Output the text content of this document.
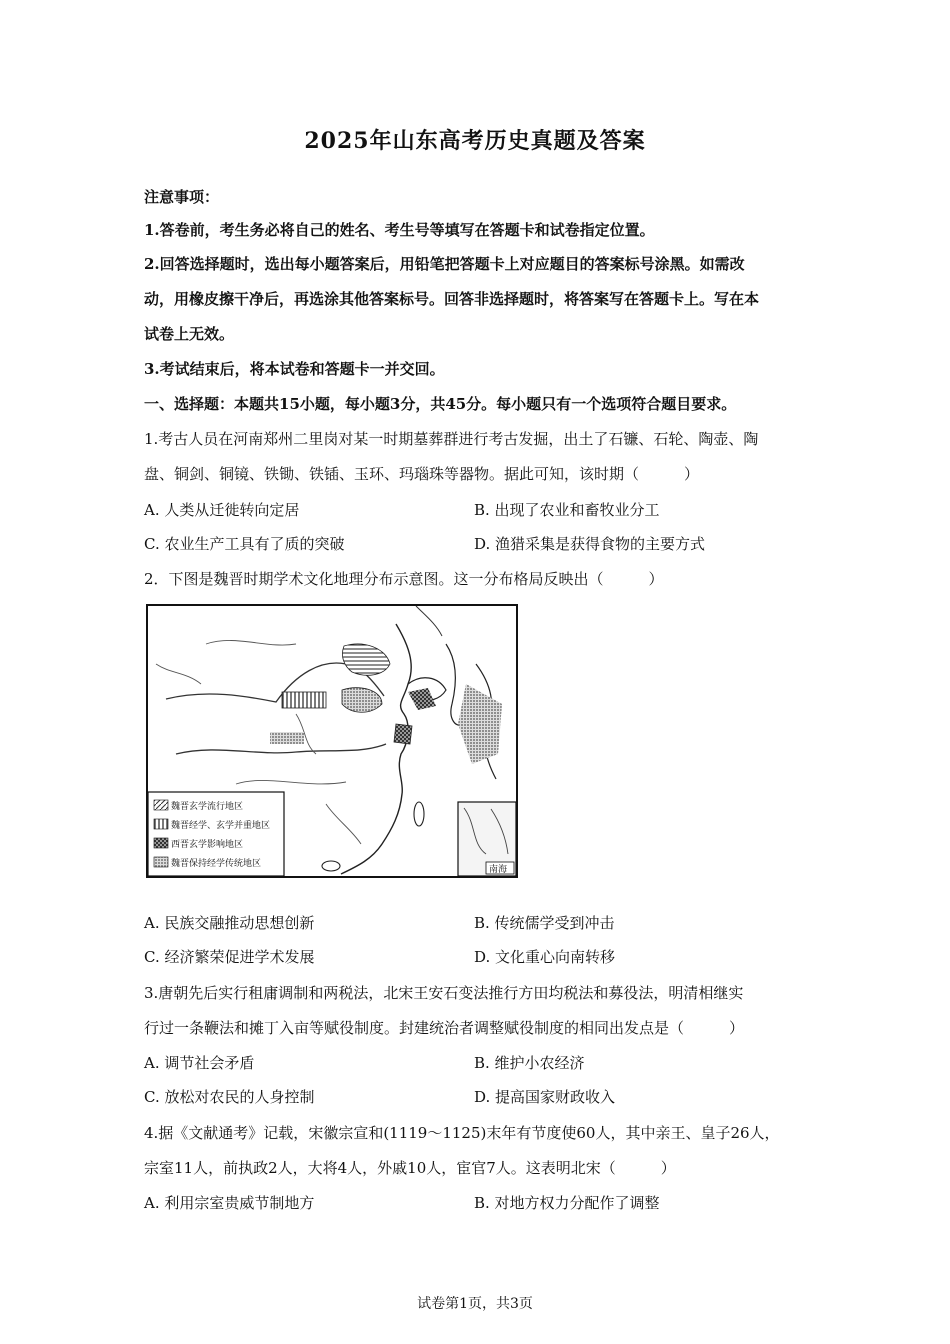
2025年山东高考历史真题及答案
注意事项：
1.答卷前，考生务必将自己的姓名、考生号等填写在答题卡和试卷指定位置。
2.回答选择题时，选出每小题答案后，用铅笔把答题卡上对应题目的答案标号涂黑。如需改
动，用橡皮擦干净后，再选涂其他答案标号。回答非选择题时，将答案写在答题卡上。写在本
试卷上无效。
3.考试结束后，将本试卷和答题卡一并交回。
一、选择题：本题共15小题，每小题3分，共45分。每小题只有一个选项符合题目要求。
1.考古人员在河南郑州二里岗对某一时期墓葬群进行考古发掘，出土了石镰、石轮、陶壶、陶
盘、铜剑、铜镜、铁锄、铁锸、玉环、玛瑙珠等器物。据此可知，该时期（　　　）
A. 人类从迁徙转向定居	B. 出现了农业和畜牧业分工
C. 农业生产工具有了质的突破	D. 渔猎采集是获得食物的主要方式
2．下图是魏晋时期学术文化地理分布示意图。这一分布格局反映出（　　　）
魏晋玄学流行地区
魏晋经学、玄学并重地区
西晋玄学影响地区
魏晋保持经学传统地区
南海
A. 民族交融推动思想创新	B. 传统儒学受到冲击
C. 经济繁荣促进学术发展	D. 文化重心向南转移
3.唐朝先后实行租庸调制和两税法，北宋王安石变法推行方田均税法和募役法，明清相继实
行过一条鞭法和摊丁入亩等赋役制度。封建统治者调整赋役制度的相同出发点是（　　　）
A. 调节社会矛盾	B. 维护小农经济
C. 放松对农民的人身控制	D. 提高国家财政收入
4.据《文献通考》记载，宋徽宗宣和(1119～1125)末年有节度使60人，其中亲王、皇子26人，
宗室11人，前执政2人，大将4人，外戚10人，宦官7人。这表明北宋（　　　）
A. 利用宗室贵威节制地方	B. 对地方权力分配作了调整
试卷第1页，共3页
